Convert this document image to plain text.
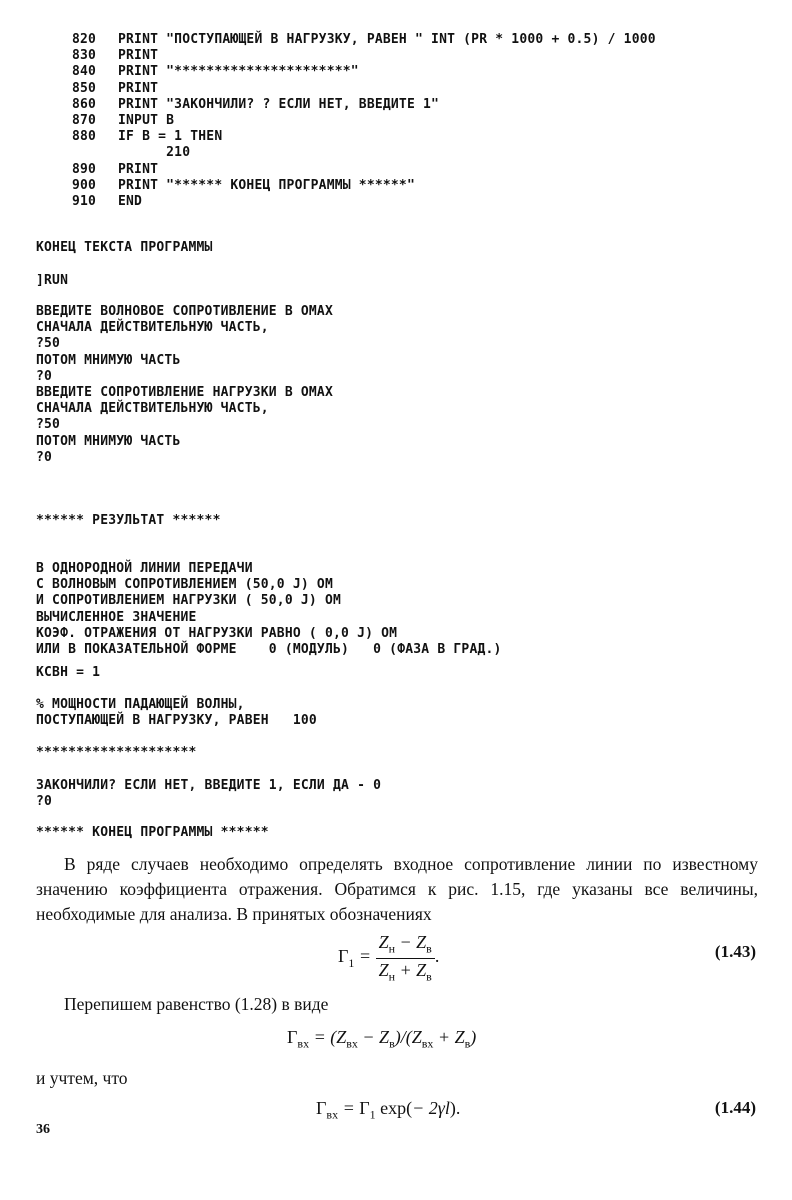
820	PRINT "ПОСТУПАЮЩЕЙ В НАГРУЗКУ, РАВЕН " INT (PR * 1000 + 0.5) / 1000
830	PRINT
840	PRINT "**********************"
850	PRINT
860	PRINT "ЗАКОНЧИЛИ? ? ЕСЛИ НЕТ, ВВЕДИТЕ 1"
870	INPUT B
880	IF B = 1 THEN
210
890	PRINT
900	PRINT "****** КОНЕЦ ПРОГРАММЫ ******"
910	END
КОНЕЦ ТЕКСТА ПРОГРАММЫ
]RUN
ВВЕДИТЕ ВОЛНОВОЕ СОПРОТИВЛЕНИЕ В ОМАХ
СНАЧАЛА ДЕЙСТВИТЕЛЬНУЮ ЧАСТЬ,
?50
ПОТОМ МНИМУЮ ЧАСТЬ
?0
ВВЕДИТЕ СОПРОТИВЛЕНИЕ НАГРУЗКИ В ОМАХ
СНАЧАЛА ДЕЙСТВИТЕЛЬНУЮ ЧАСТЬ,
?50
ПОТОМ МНИМУЮ ЧАСТЬ
?0
****** РЕЗУЛЬТАТ ******
В ОДНОРОДНОЙ ЛИНИИ ПЕРЕДАЧИ
С ВОЛНОВЫМ СОПРОТИВЛЕНИЕМ (50,0 J) ОМ
И СОПРОТИВЛЕНИЕМ НАГРУЗКИ ( 50,0 J) ОМ
ВЫЧИСЛЕННОЕ ЗНАЧЕНИЕ
КОЭФ. ОТРАЖЕНИЯ ОТ НАГРУЗКИ РАВНО ( 0,0 J) ОМ
ИЛИ В ПОКАЗАТЕЛЬНОЙ ФОРМЕ    0 (МОДУЛЬ)   0 (ФАЗА В ГРАД.)
КСВН = 1
% МОЩНОСТИ ПАДАЮЩЕЙ ВОЛНЫ,
ПОСТУПАЮЩЕЙ В НАГРУЗКУ, РАВЕН   100
********************
ЗАКОНЧИЛИ? ЕСЛИ НЕТ, ВВЕДИТЕ 1, ЕСЛИ ДА - 0
?0
****** КОНЕЦ ПРОГРАММЫ ******
В ряде случаев необходимо определять входное сопротивление линии по известному значению коэффициента отражения. Обратимся к рис. 1.15, где указаны все величины, необходимые для анализа. В принятых обозначениях
$\Gamma_1 = \frac{Z_н - Z_в}{Z_н + Z_в}$ .	(1.43)
Перепишем равенство (1.28) в виде
$\Gamma_{вх} = (Z_{вх} - Z_в)/(Z_{вх} + Z_в)$
и учтем, что
$\Gamma_{вх} = \Gamma_1$ exp(− 2γl).	(1.44)
36
